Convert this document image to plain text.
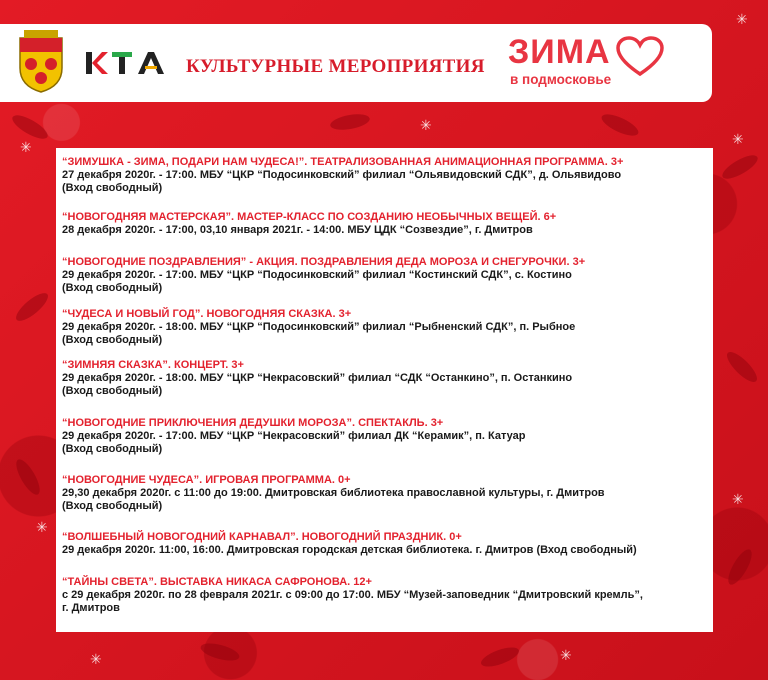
✳
✳
✳
✳
✳
✳
✳
✳
КУЛЬТУРНЫЕ МЕРОПРИЯТИЯ ЗИМА
в подмосковье
“ЗИМУШКА - ЗИМА, ПОДАРИ НАМ ЧУДЕСА!”. ТЕАТРАЛИЗОВАННАЯ АНИМАЦИОННАЯ ПРОГРАММА. 3+
27 декабря 2020г. - 17:00. МБУ “ЦКР “Подосинковский” филиал “Ольявидовский СДК”, д. Ольявидово
(Вход свободный)
“НОВОГОДНЯЯ МАСТЕРСКАЯ”. МАСТЕР-КЛАСС ПО СОЗДАНИЮ НЕОБЫЧНЫХ ВЕЩЕЙ. 6+
28 декабря 2020г. - 17:00, 03,10 января 2021г. - 14:00. МБУ ЦДК “Созвездие”, г. Дмитров
“НОВОГОДНИЕ ПОЗДРАВЛЕНИЯ” - АКЦИЯ. ПОЗДРАВЛЕНИЯ ДЕДА МОРОЗА И СНЕГУРОЧКИ. 3+
29 декабря 2020г. - 17:00. МБУ “ЦКР “Подосинковский” филиал “Костинский СДК”, с. Костино
(Вход свободный)
“ЧУДЕСА И НОВЫЙ ГОД”. НОВОГОДНЯЯ СКАЗКА. 3+
29 декабря 2020г. - 18:00. МБУ “ЦКР “Подосинковский” филиал “Рыбненский СДК”, п. Рыбное
(Вход свободный)
“ЗИМНЯЯ СКАЗКА”. КОНЦЕРТ. 3+
29 декабря 2020г. - 18:00. МБУ “ЦКР “Некрасовский” филиал “СДК “Останкино”, п. Останкино
(Вход свободный)
“НОВОГОДНИЕ ПРИКЛЮЧЕНИЯ ДЕДУШКИ МОРОЗА”. СПЕКТАКЛЬ. 3+
29 декабря 2020г. - 17:00. МБУ “ЦКР “Некрасовский” филиал ДК “Керамик”, п. Катуар
(Вход свободный)
“НОВОГОДНИЕ ЧУДЕСА”. ИГРОВАЯ ПРОГРАММА. 0+
29,30 декабря 2020г. с 11:00 до 19:00. Дмитровская библиотека православной культуры, г. Дмитров
(Вход свободный)
“ВОЛШЕБНЫЙ НОВОГОДНИЙ КАРНАВАЛ”. НОВОГОДНИЙ ПРАЗДНИК. 0+
29 декабря 2020г. 11:00, 16:00. Дмитровская городская детская библиотека. г. Дмитров (Вход свободный)
“ТАЙНЫ СВЕТА”. ВЫСТАВКА НИКАСА САФРОНОВА. 12+
с 29 декабря 2020г. по 28 февраля 2021г. с 09:00 до 17:00. МБУ “Музей-заповедник “Дмитровский кремль”,
г. Дмитров
